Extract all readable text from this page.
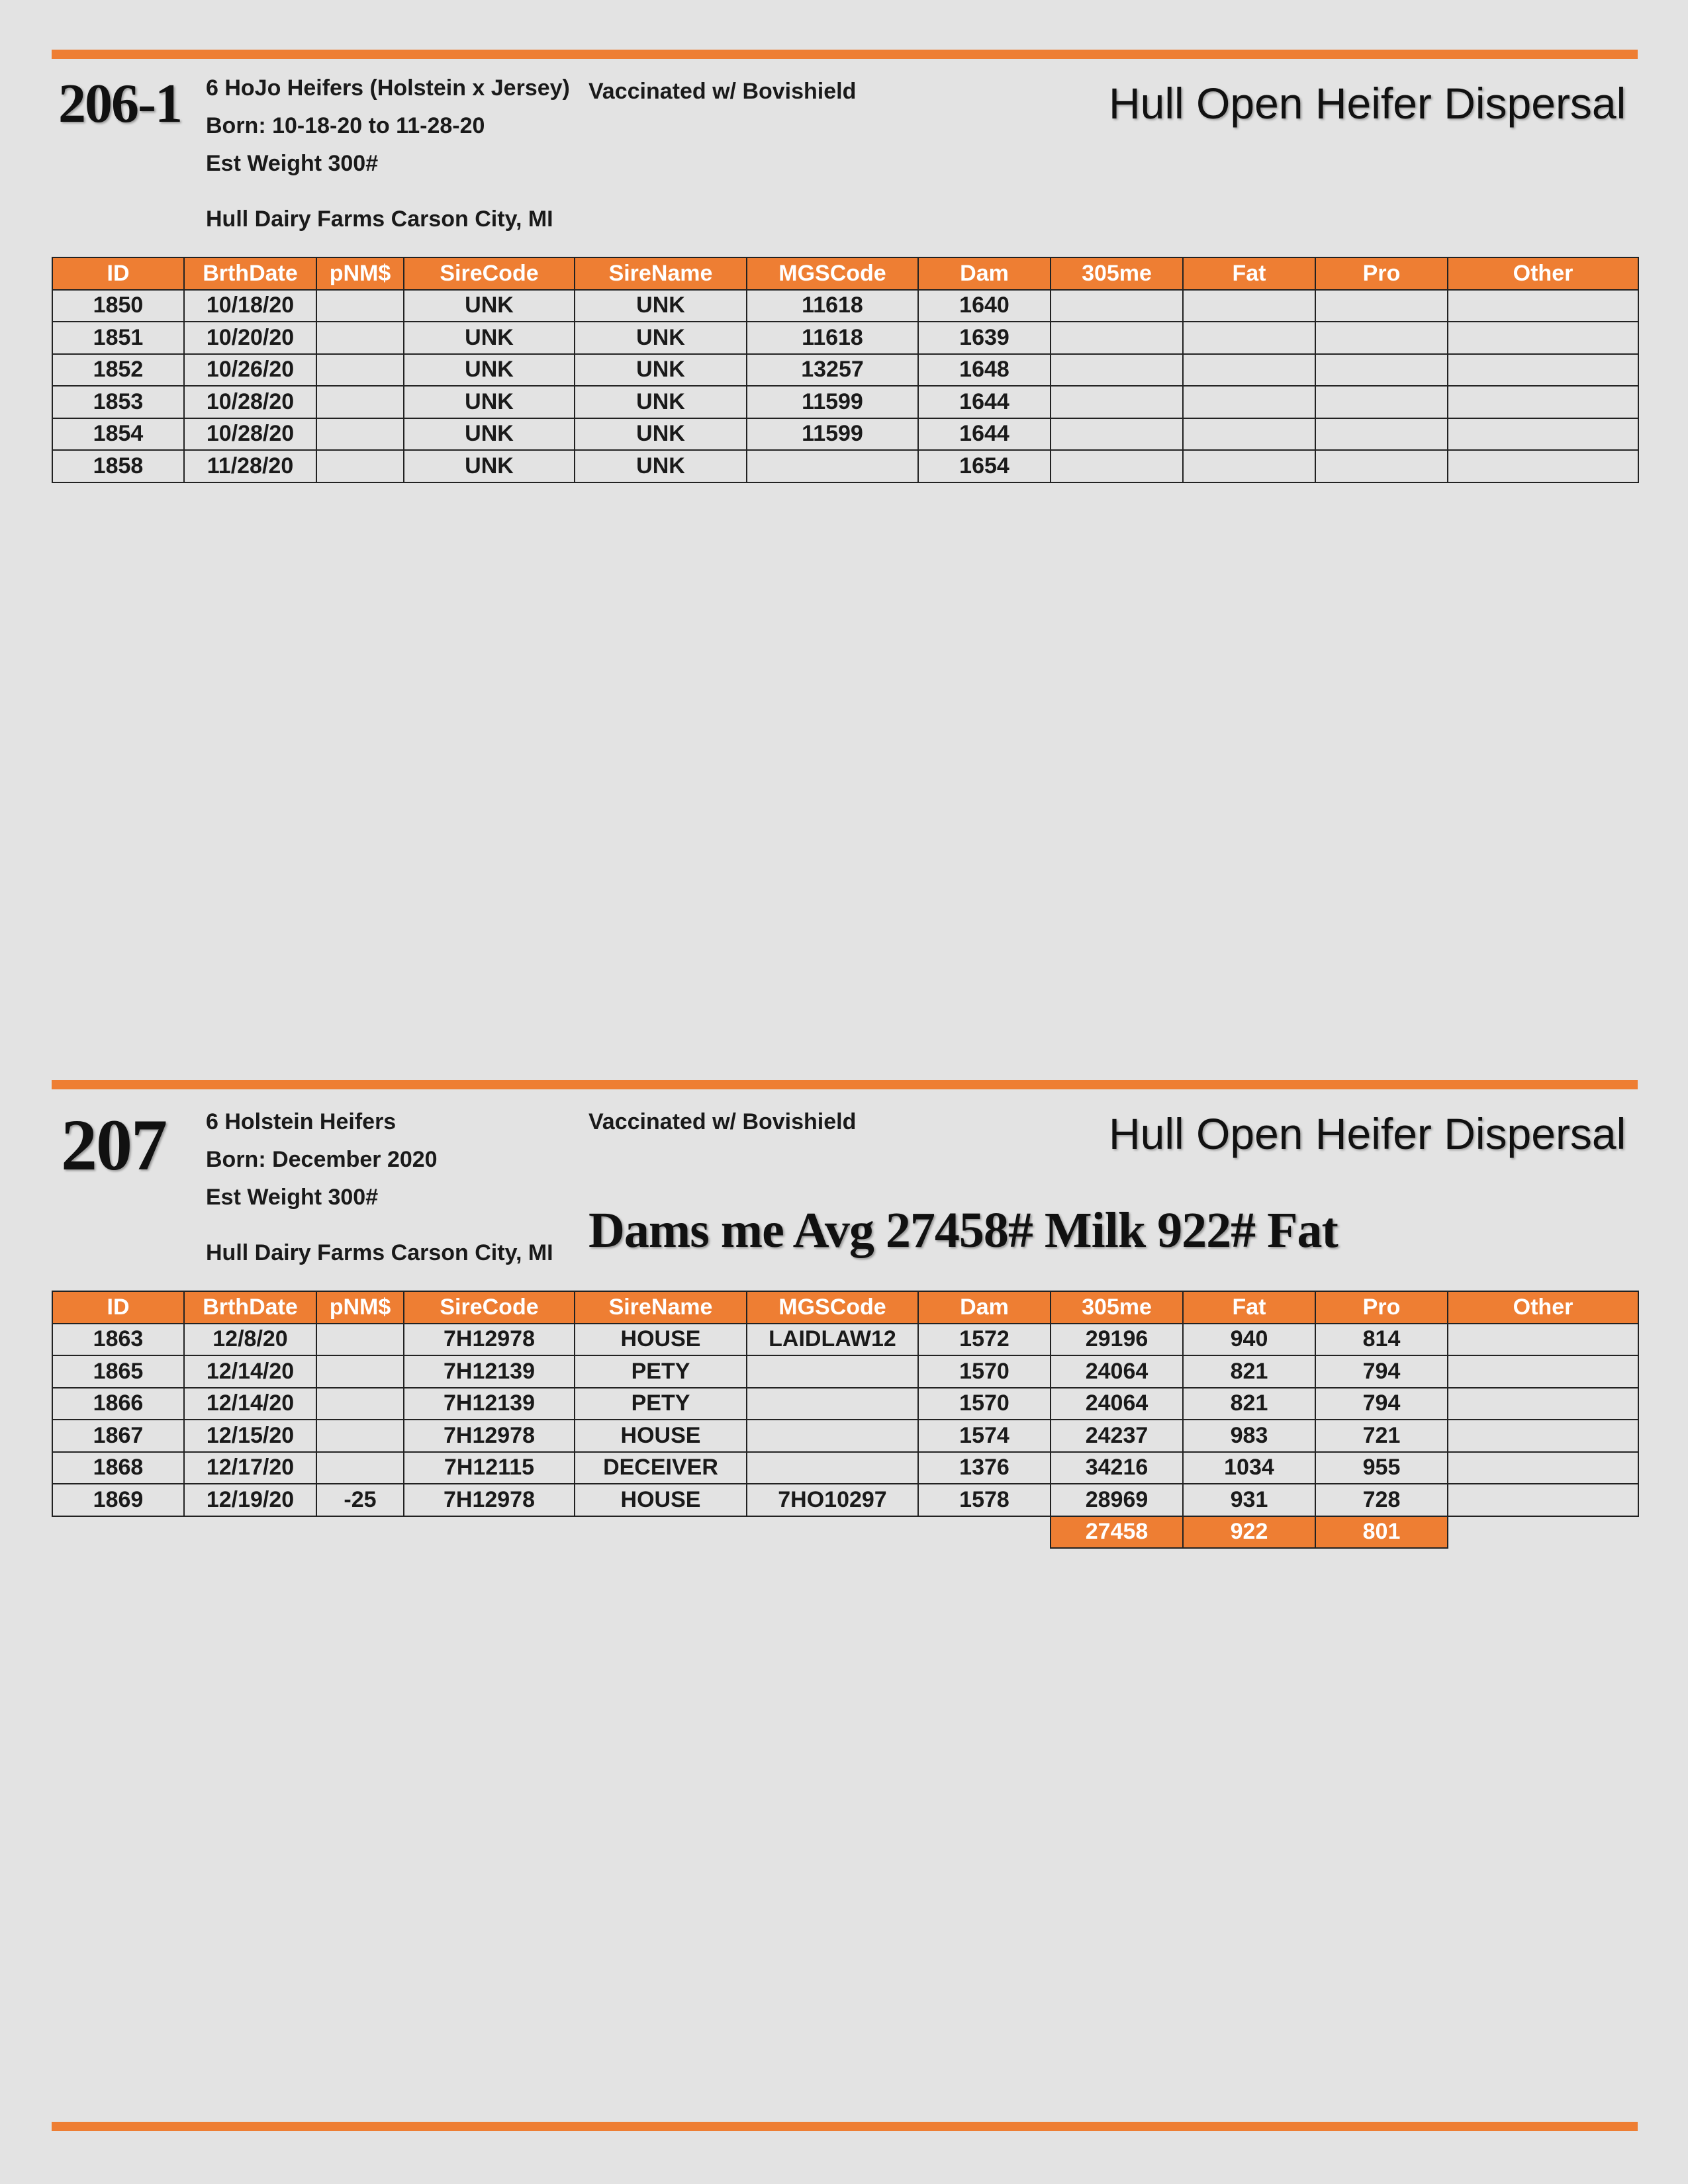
206-1 6 HoJo Heifers (Holstein x Jersey)
Born: 10-18-20 to 11-28-20
Est Weight 300#
Vaccinated w/ Bovishield
Hull Dairy Farms Carson City, MI
Hull Open Heifer Dispersal
ID	BrthDate	pNM$	SireCode	SireName	MGSCode	Dam	305me	Fat	Pro	Other
1850	10/18/20		UNK	UNK	11618	1640				
1851	10/20/20		UNK	UNK	11618	1639				
1852	10/26/20		UNK	UNK	13257	1648				
1853	10/28/20		UNK	UNK	11599	1644				
1854	10/28/20		UNK	UNK	11599	1644				
1858	11/28/20		UNK	UNK		1654				
207 6 Holstein Heifers
Born: December 2020
Est Weight 300#
Vaccinated w/ Bovishield
Hull Dairy Farms Carson City, MI
Hull Open Heifer Dispersal
Dams me Avg 27458# Milk 922# Fat
ID	BrthDate	pNM$	SireCode	SireName	MGSCode	Dam	305me	Fat	Pro	Other
1863	12/8/20		7H12978	HOUSE	LAIDLAW12	1572	29196	940	814	
1865	12/14/20		7H12139	PETY		1570	24064	821	794	
1866	12/14/20		7H12139	PETY		1570	24064	821	794	
1867	12/15/20		7H12978	HOUSE		1574	24237	983	721	
1868	12/17/20		7H12115	DECEIVER		1376	34216	1034	955	
1869	12/19/20	-25	7H12978	HOUSE	7HO10297	1578	28969	931	728	
							27458	922	801	
